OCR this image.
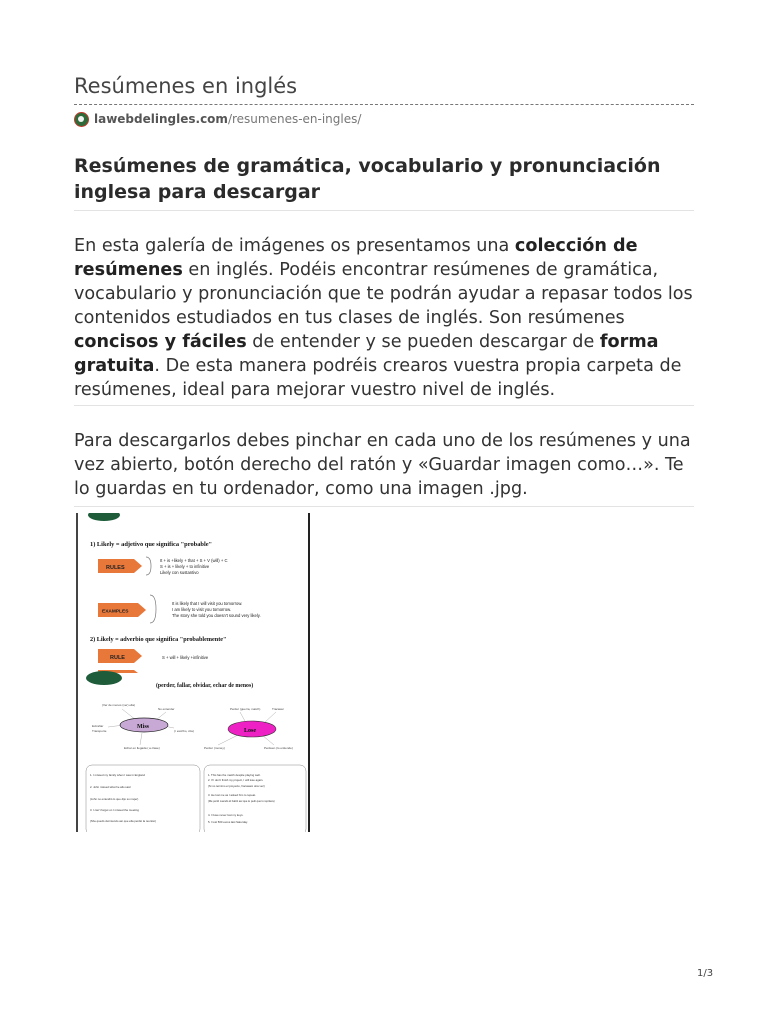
Resúmenes en inglés
lawebdelingles.com /resumenes-en-ingles/
Resúmenes de gramática, vocabulario y pronunciación inglesa para descargar

En esta galería de imágenes os presentamos una colección de resúmenes en inglés. Podéis encontrar resúmenes de gramática, vocabulario y pronunciación que te podrán ayudar a repasar todos los contenidos estudiados en tus clases de inglés. Son resúmenes concisos y fáciles de entender y se pueden descargar de forma gratuita. De esta manera podréis crearos vuestra propia carpeta de resúmenes, ideal para mejorar vuestro nivel de inglés.

Para descargarlos debes pinchar en cada uno de los resúmenes y una vez abierto, botón derecho del ratón y «Guardar imagen como…». Te lo guardas en tu ordenador, como una imagen .jpg.

1) Likely = adjetivo que significa "probable"
RULES
It + is +likely + that + S + V (will) + C
S + is + likely + to infinitive
Likely con sustantivo
EXAMPLES
It is likely that I will visit you tomorrow.
I am likely to visit you tomorrow.
The story she told you doesn't sound very likely.
2) Likely = adverbio que significa "probablemente"
RULE	S + will + likely +infinitive
(perder, fallar, olvidar, echar de menos)
(Ver de menos (ver) ella)
No entender
Extrañar
Transporte	(r escribo, cita)
Echar en llegada ( a clase)
Miss
Perder (guerra, match)	Tracasar
Perder (money)	Perdeen (lo entiende)
Lose
1. I missed my family when I was in England
2. John missed what he allo said
(John no entendió lo que dijo su mujer)
3. I can't forget on I missed the meeting
(She quedó durmiendo así que ella perdió la reunión)
1. This has the match despite playing well.
2. If I don't finish my project, I will lose again.
(Si no termino el proyecto, fracasaré otra vez)
3. He lost me as I asked him to repeat.
(Me perdí cuando él habló así que le pedí que lo repitiera)
4. I have never lost my keys.
5. I lost 500 euros last Saturday.
1/3
